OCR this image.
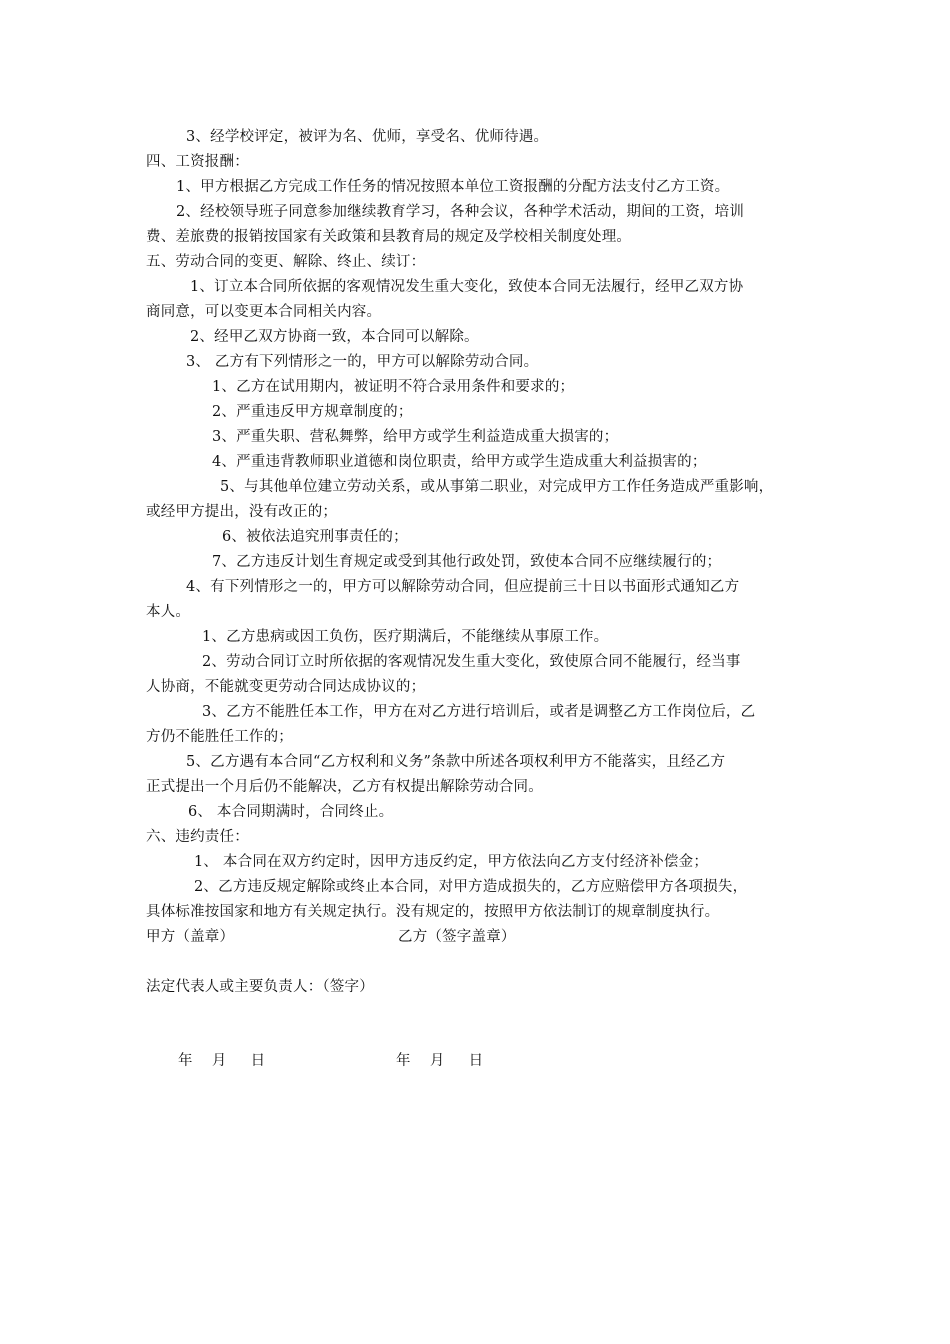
3、经学校评定，被评为名、优师，享受名、优师待遇。
四、工资报酬：
1、甲方根据乙方完成工作任务的情况按照本单位工资报酬的分配方法支付乙方工资。
2、经校领导班子同意参加继续教育学习，各种会议，各种学术活动，期间的工资，培训
费、差旅费的报销按国家有关政策和县教育局的规定及学校相关制度处理。
五、劳动合同的变更、解除、终止、续订：
1、订立本合同所依据的客观情况发生重大变化，致使本合同无法履行，经甲乙双方协
商同意，可以变更本合同相关内容。
2、经甲乙双方协商一致，本合同可以解除。
3、 乙方有下列情形之一的，甲方可以解除劳动合同。
1、乙方在试用期内，被证明不符合录用条件和要求的；
2、严重违反甲方规章制度的；
3、严重失职、营私舞弊，给甲方或学生利益造成重大损害的；
4、严重违背教师职业道德和岗位职责，给甲方或学生造成重大利益损害的；
5、与其他单位建立劳动关系，或从事第二职业，对完成甲方工作任务造成严重影响，
或经甲方提出，没有改正的；
6、被依法追究刑事责任的；
7、乙方违反计划生育规定或受到其他行政处罚，致使本合同不应继续履行的；
4、有下列情形之一的，甲方可以解除劳动合同，但应提前三十日以书面形式通知乙方
本人。
1、乙方患病或因工负伤，医疗期满后，不能继续从事原工作。
2、劳动合同订立时所依据的客观情况发生重大变化，致使原合同不能履行，经当事
人协商，不能就变更劳动合同达成协议的；
3、乙方不能胜任本工作，甲方在对乙方进行培训后，或者是调整乙方工作岗位后，乙
方仍不能胜任工作的；
5、乙方遇有本合同“乙方权利和义务”条款中所述各项权利甲方不能落实，且经乙方
正式提出一个月后仍不能解决，乙方有权提出解除劳动合同。
6、 本合同期满时，合同终止。
六、违约责任：
1、 本合同在双方约定时，因甲方违反约定，甲方依法向乙方支付经济补偿金；
2、乙方违反规定解除或终止本合同，对甲方造成损失的，乙方应赔偿甲方各项损失，
具体标准按国家和地方有关规定执行。没有规定的，按照甲方依法制订的规章制度执行。
甲方（盖章）	乙方（签字盖章）
法定代表人或主要负责人：（签字）
年    月     日	年    月     日
